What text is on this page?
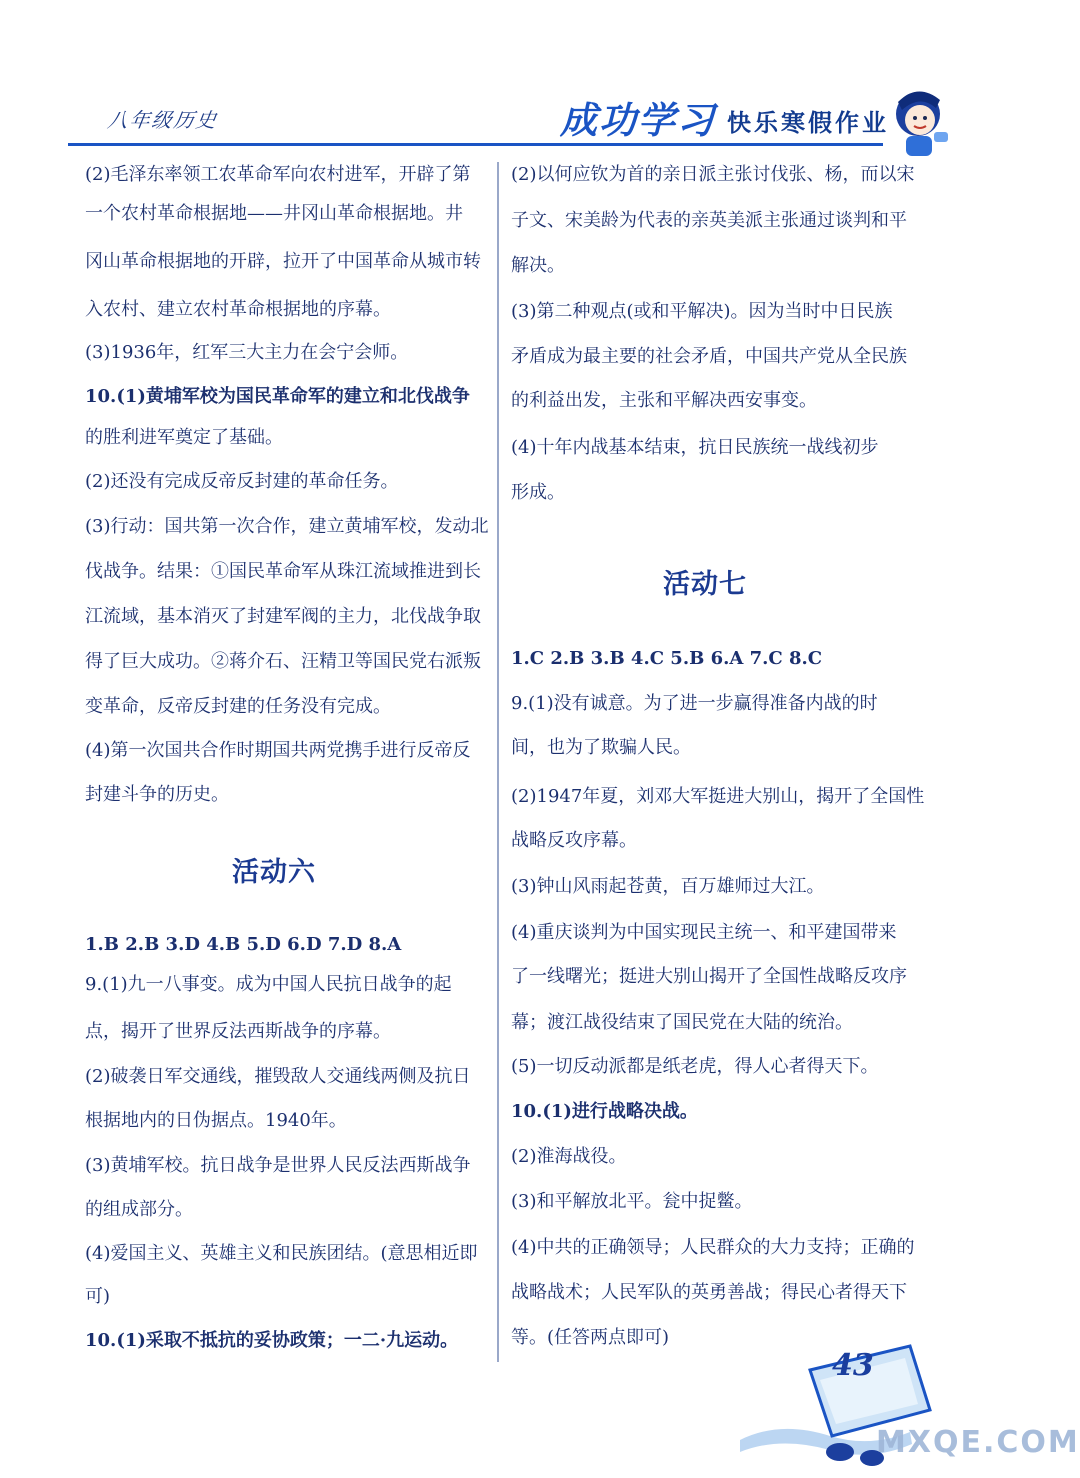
八年级历史	成功学习 快乐寒假作业
(2)毛泽东率领工农革命军向农村进军，开辟了第
一个农村革命根据地——井冈山革命根据地。井
冈山革命根据地的开辟，拉开了中国革命从城市转
入农村、建立农村革命根据地的序幕。
(3)1936年，红军三大主力在会宁会师。
10.(1)黄埔军校为国民革命军的建立和北伐战争
的胜利进军奠定了基础。
(2)还没有完成反帝反封建的革命任务。
(3)行动：国共第一次合作，建立黄埔军校，发动北
伐战争。结果：①国民革命军从珠江流域推进到长
江流域，基本消灭了封建军阀的主力，北伐战争取
得了巨大成功。②蒋介石、汪精卫等国民党右派叛
变革命，反帝反封建的任务没有完成。
(4)第一次国共合作时期国共两党携手进行反帝反
封建斗争的历史。
活动六
1.B 2.B 3.D 4.B 5.D 6.D 7.D 8.A
9.(1)九一八事变。成为中国人民抗日战争的起
点，揭开了世界反法西斯战争的序幕。
(2)破袭日军交通线，摧毁敌人交通线两侧及抗日
根据地内的日伪据点。1940年。
(3)黄埔军校。抗日战争是世界人民反法西斯战争
的组成部分。
(4)爱国主义、英雄主义和民族团结。(意思相近即
可)
10.(1)采取不抵抗的妥协政策；一二·九运动。
(2)以何应钦为首的亲日派主张讨伐张、杨，而以宋
子文、宋美龄为代表的亲英美派主张通过谈判和平
解决。
(3)第二种观点(或和平解决)。因为当时中日民族
矛盾成为最主要的社会矛盾，中国共产党从全民族
的利益出发，主张和平解决西安事变。
(4)十年内战基本结束，抗日民族统一战线初步
形成。
活动七
1.C 2.B 3.B 4.C 5.B 6.A 7.C 8.C
9.(1)没有诚意。为了进一步赢得准备内战的时
间，也为了欺骗人民。
(2)1947年夏，刘邓大军挺进大别山，揭开了全国性
战略反攻序幕。
(3)钟山风雨起苍黄，百万雄师过大江。
(4)重庆谈判为中国实现民主统一、和平建国带来
了一线曙光；挺进大别山揭开了全国性战略反攻序
幕；渡江战役结束了国民党在大陆的统治。
(5)一切反动派都是纸老虎，得人心者得天下。
10.(1)进行战略决战。
(2)淮海战役。
(3)和平解放北平。瓮中捉鳖。
(4)中共的正确领导；人民群众的大力支持；正确的
战略战术；人民军队的英勇善战；得民心者得天下
等。(任答两点即可)
43
MXQE.COM
